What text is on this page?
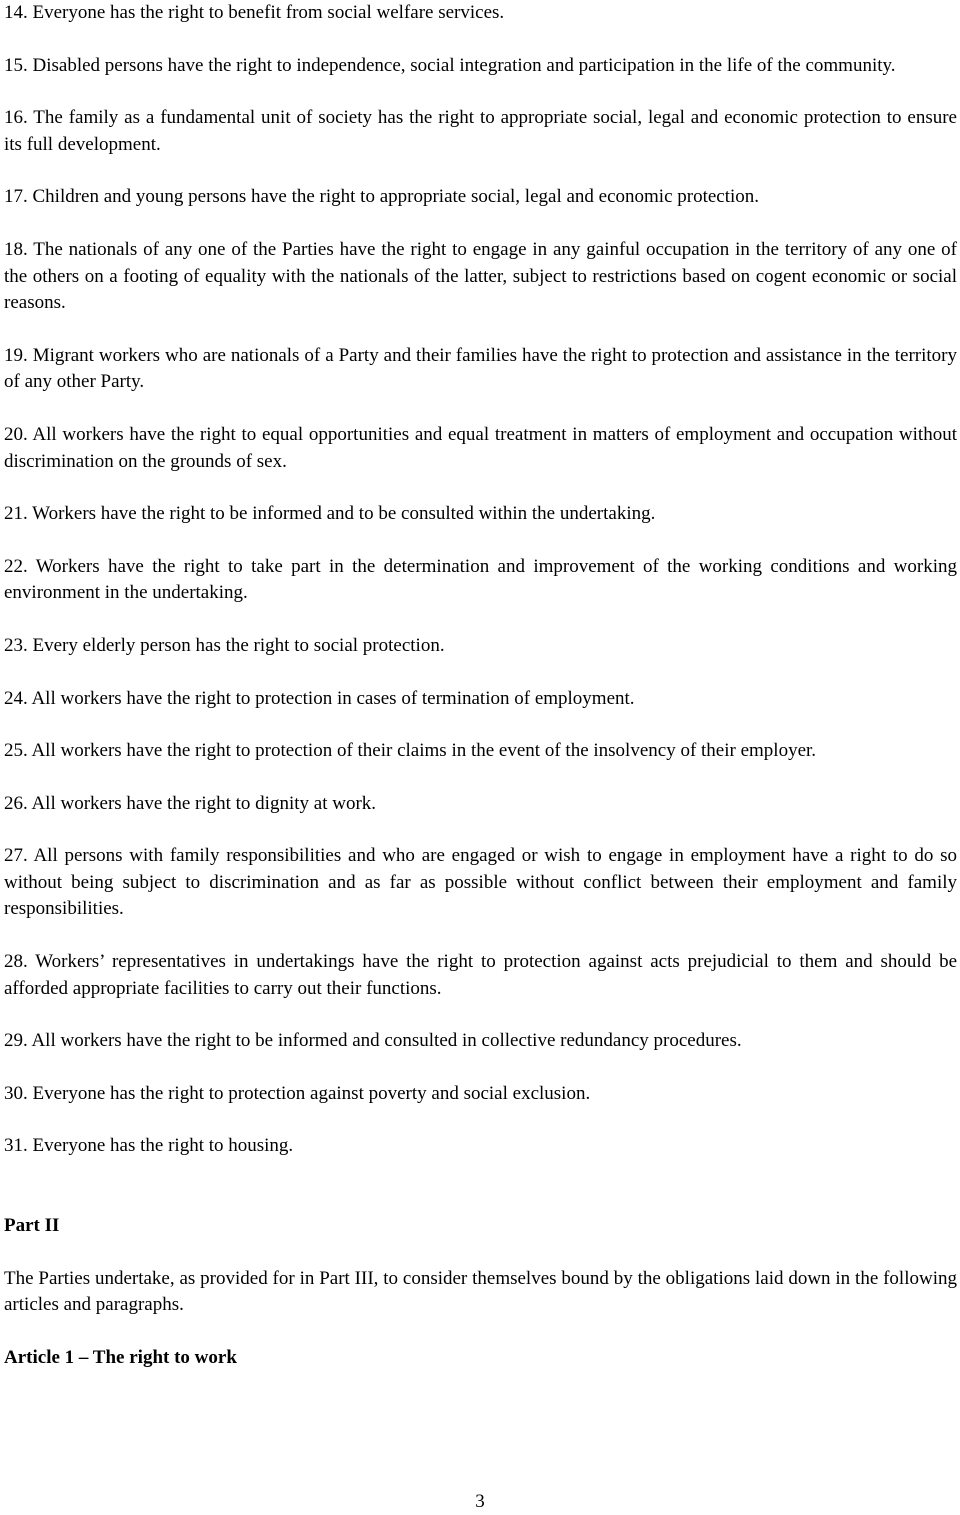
14. Everyone has the right to benefit from social welfare services.

15. Disabled persons have the right to independence, social integration and participation in the life of the community.

16. The family as a fundamental unit of society has the right to appropriate social, legal and economic protection to ensure its full development.

17. Children and young persons have the right to appropriate social, legal and economic protection.

18. The nationals of any one of the Parties have the right to engage in any gainful occupation in the territory of any one of the others on a footing of equality with the nationals of the latter, subject to restrictions based on cogent economic or social reasons.

19. Migrant workers who are nationals of a Party and their families have the right to protection and assistance in the territory of any other Party.

20. All workers have the right to equal opportunities and equal treatment in matters of employment and occupation without discrimination on the grounds of sex.

21. Workers have the right to be informed and to be consulted within the undertaking.

22. Workers have the right to take part in the determination and improvement of the working conditions and working environment in the undertaking.

23. Every elderly person has the right to social protection.

24. All workers have the right to protection in cases of termination of employment.

25. All workers have the right to protection of their claims in the event of the insolvency of their employer.

26. All workers have the right to dignity at work.

27. All persons with family responsibilities and who are engaged or wish to engage in employment have a right to do so without being subject to discrimination and as far as possible without conflict between their employment and family responsibilities.

28. Workers’ representatives in undertakings have the right to protection against acts prejudicial to them and should be afforded appropriate facilities to carry out their functions.

29. All workers have the right to be informed and consulted in collective redundancy procedures.

30. Everyone has the right to protection against poverty and social exclusion.

31. Everyone has the right to housing.

Part II

The Parties undertake, as provided for in Part III, to consider themselves bound by the obligations laid down in the following articles and paragraphs.

Article 1 – The right to work

3
